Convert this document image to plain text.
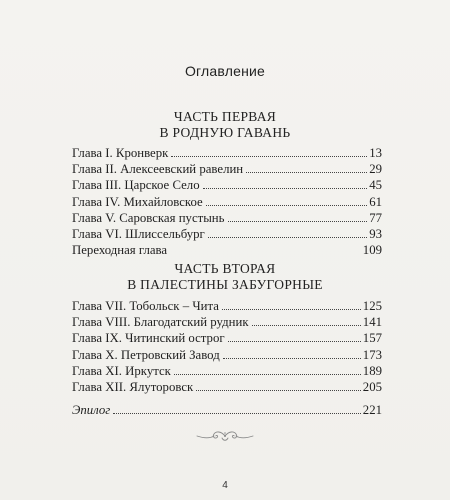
Оглавление
ЧАСТЬ ПЕРВАЯ
В РОДНУЮ ГАВАНЬ
Глава I. Кронверк	13
Глава II. Алексеевский равелин	29
Глава III. Царское Село	45
Глава IV. Михайловское	61
Глава V. Саровская пустынь	77
Глава VI. Шлиссельбург	93
Переходная глава	109
ЧАСТЬ ВТОРАЯ
В ПАЛЕСТИНЫ ЗАБУГОРНЫЕ
Глава VII. Тобольск – Чита	125
Глава VIII. Благодатский рудник	141
Глава IX. Читинский острог	157
Глава X. Петровский Завод	173
Глава XI. Иркутск	189
Глава XII. Ялуторовск	205
Эпилог	221
4
